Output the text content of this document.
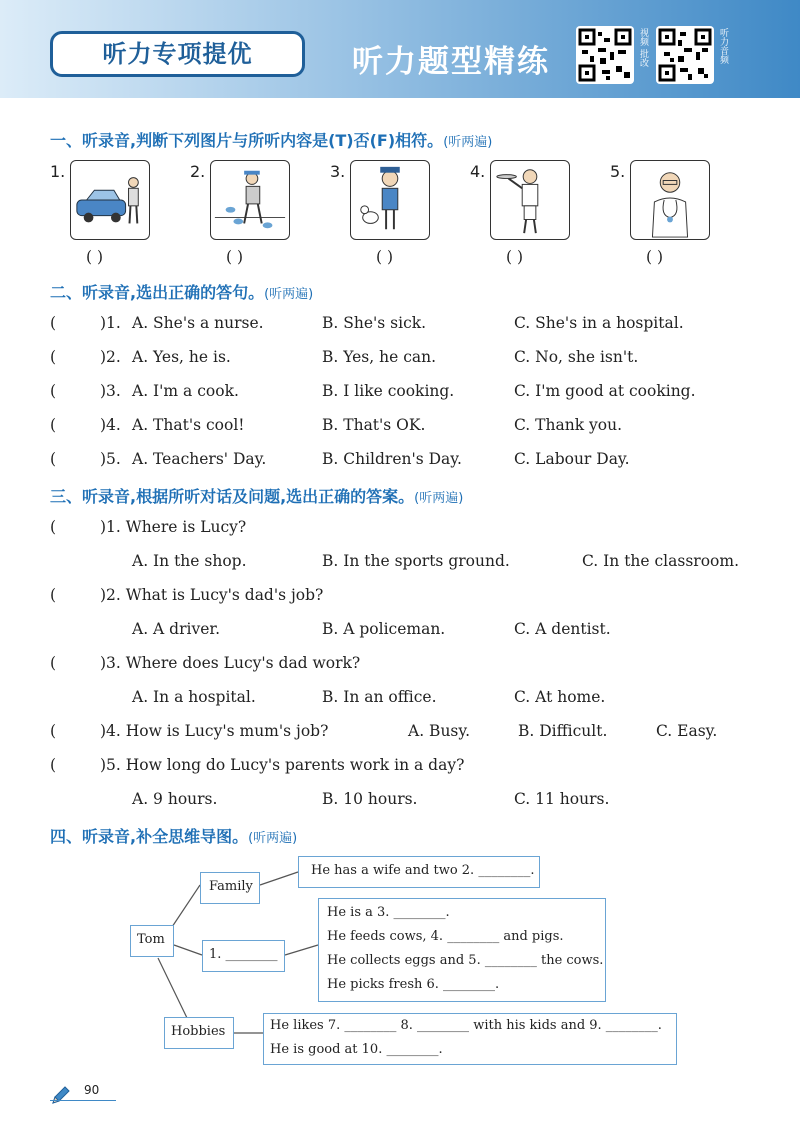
听力专项提优	听力题型精练	视频 批改	听力音频
一、听录音,判断下列图片与所听内容是(T)否(F)相符。(听两遍)
1.
( )
2.
( )
3.
( )
4.
( )
5.
( )
二、听录音,选出正确的答句。(听两遍)
(	)1. A. She's a nurse.	B. She's sick.	C. She's in a hospital.
(	)2. A. Yes, he is.	B. Yes, he can.	C. No, she isn't.
(	)3. A. I'm a cook.	B. I like cooking.	C. I'm good at cooking.
(	)4. A. That's cool!	B. That's OK.	C. Thank you.
(	)5. A. Teachers' Day.	B. Children's Day.	C. Labour Day.
三、听录音,根据所听对话及问题,选出正确的答案。(听两遍)
(	)1. Where is Lucy?
A. In the shop.	B. In the sports ground.	C. In the classroom.
(	)2. What is Lucy's dad's job?
A. A driver.	B. A policeman.	C. A dentist.
(	)3. Where does Lucy's dad work?
A. In a hospital.	B. In an office.	C. At home.
(	)4. How is Lucy's mum's job?	A. Busy.	B. Difficult.	C. Easy.
(	)5. How long do Lucy's parents work in a day?
A. 9 hours.	B. 10 hours.	C. 11 hours.
四、听录音,补全思维导图。(听两遍)
Tom
Family
He has a wife and two 2. ________.
1. ________
He is a 3. ________.
He feeds cows, 4. ________ and pigs.
He collects eggs and 5. ________ the cows.
He picks fresh 6. ________.
Hobbies	He likes 7. ________ 8. ________ with his kids and 9. ________.
He is good at 10. ________.
90
